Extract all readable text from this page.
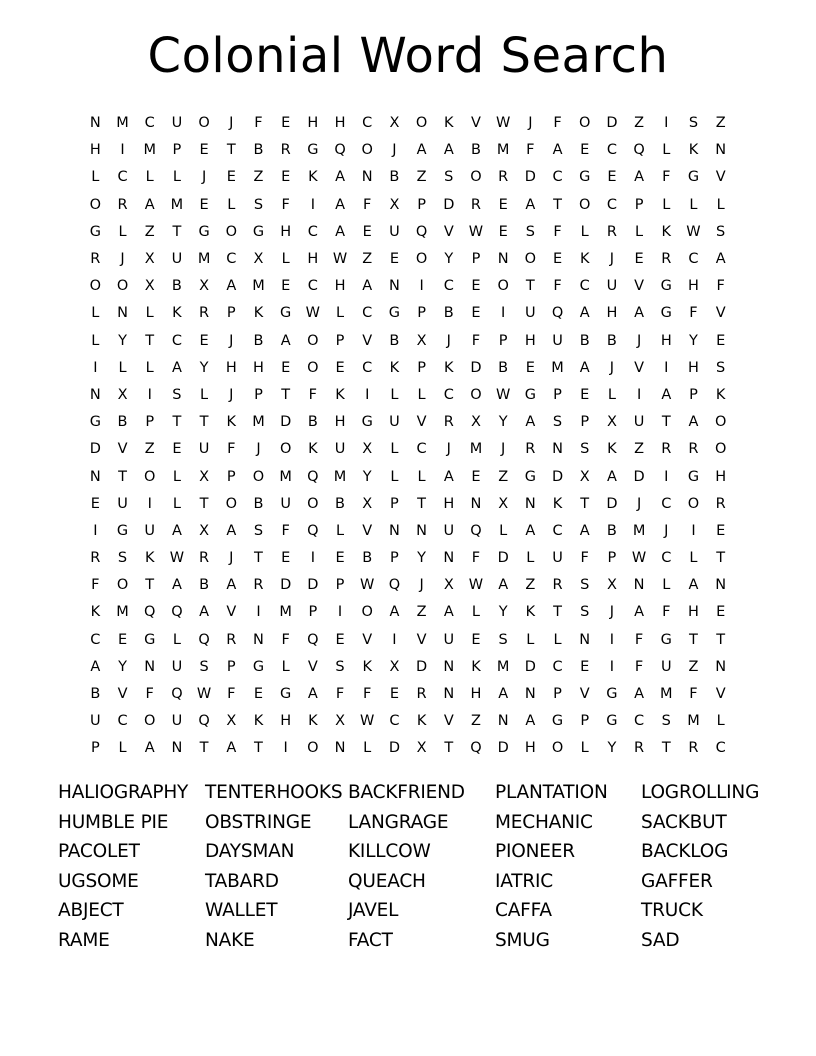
Colonial Word Search
N	M	C	U	O	J	F	E	H	H	C	X	O	K	V	W	J	F	O	D	Z	I	S	Z
H	I	M	P	E	T	B	R	G	Q	O	J	A	A	B	M	F	A	E	C	Q	L	K	N
L	C	L	L	J	E	Z	E	K	A	N	B	Z	S	O	R	D	C	G	E	A	F	G	V
O	R	A	M	E	L	S	F	I	A	F	X	P	D	R	E	A	T	O	C	P	L	L	L
G	L	Z	T	G	O	G	H	C	A	E	U	Q	V	W	E	S	F	L	R	L	K	W	S
R	J	X	U	M	C	X	L	H	W	Z	E	O	Y	P	N	O	E	K	J	E	R	C	A
O	O	X	B	X	A	M	E	C	H	A	N	I	C	E	O	T	F	C	U	V	G	H	F
L	N	L	K	R	P	K	G	W	L	C	G	P	B	E	I	U	Q	A	H	A	G	F	V
L	Y	T	C	E	J	B	A	O	P	V	B	X	J	F	P	H	U	B	B	J	H	Y	E
I	L	L	A	Y	H	H	E	O	E	C	K	P	K	D	B	E	M	A	J	V	I	H	S
N	X	I	S	L	J	P	T	F	K	I	L	L	C	O	W	G	P	E	L	I	A	P	K
G	B	P	T	T	K	M	D	B	H	G	U	V	R	X	Y	A	S	P	X	U	T	A	O
D	V	Z	E	U	F	J	O	K	U	X	L	C	J	M	J	R	N	S	K	Z	R	R	O
N	T	O	L	X	P	O	M	Q	M	Y	L	L	A	E	Z	G	D	X	A	D	I	G	H
E	U	I	L	T	O	B	U	O	B	X	P	T	H	N	X	N	K	T	D	J	C	O	R
I	G	U	A	X	A	S	F	Q	L	V	N	N	U	Q	L	A	C	A	B	M	J	I	E
R	S	K	W	R	J	T	E	I	E	B	P	Y	N	F	D	L	U	F	P	W	C	L	T
F	O	T	A	B	A	R	D	D	P	W	Q	J	X	W	A	Z	R	S	X	N	L	A	N
K	M	Q	Q	A	V	I	M	P	I	O	A	Z	A	L	Y	K	T	S	J	A	F	H	E
C	E	G	L	Q	R	N	F	Q	E	V	I	V	U	E	S	L	L	N	I	F	G	T	T
A	Y	N	U	S	P	G	L	V	S	K	X	D	N	K	M	D	C	E	I	F	U	Z	N
B	V	F	Q	W	F	E	G	A	F	F	E	R	N	H	A	N	P	V	G	A	M	F	V
U	C	O	U	Q	X	K	H	K	X	W	C	K	V	Z	N	A	G	P	G	C	S	M	L
P	L	A	N	T	A	T	I	O	N	L	D	X	T	Q	D	H	O	L	Y	R	T	R	C
HALIOGRAPHY	TENTERHOOKS	BACKFRIEND	PLANTATION	LOGROLLING
HUMBLE PIE	OBSTRINGE	LANGRAGE	MECHANIC	SACKBUT
PACOLET	DAYSMAN	KILLCOW	PIONEER	BACKLOG
UGSOME	TABARD	QUEACH	IATRIC	GAFFER
ABJECT	WALLET	JAVEL	CAFFA	TRUCK
RAME	NAKE	FACT	SMUG	SAD
